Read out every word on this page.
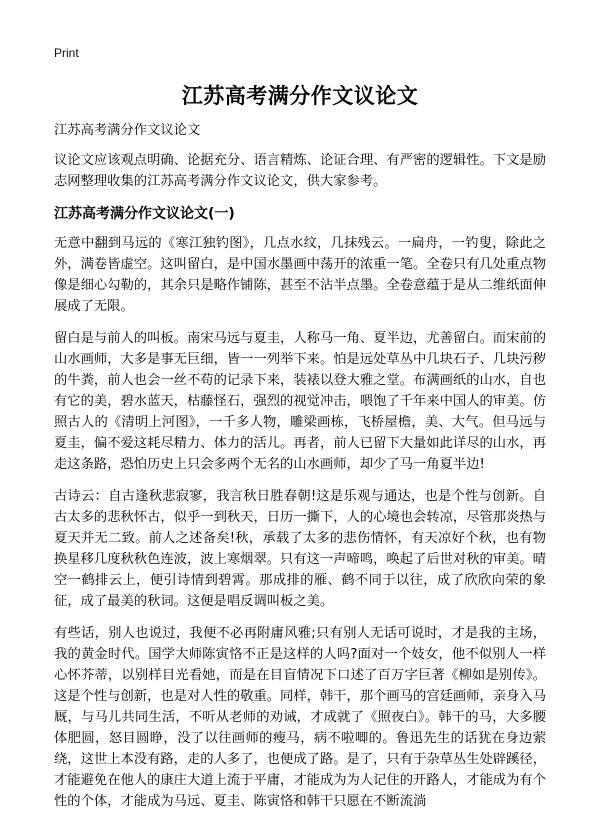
Print
江苏高考满分作文议论文

江苏高考满分作文议论文

议论文应该观点明确、论据充分、语言精炼、论证合理、有严密的逻辑性。下文是励志网整理收集的江苏高考满分作文议论文，供大家参考。

江苏高考满分作文议论文(一)

无意中翻到马远的《寒江独钓图》，几点水纹，几抹残云。一扁舟，一钓叟，除此之外，满卷皆虚空。这叫留白，是中国水墨画中荡开的浓重一笔。全卷只有几处重点物像是细心勾勒的，其余只是略作铺陈，甚至不沾半点墨。全卷意蕴于是从二维纸面伸展成了无限。

留白是与前人的叫板。南宋马远与夏圭，人称马一角、夏半边，尤善留白。而宋前的山水画师，大多是事无巨细，皆一一列举下来。怕是远处草丛中几块石子、几块污秽的牛粪，前人也会一丝不苟的记录下来，装裱以登大雅之堂。布满画纸的山水，自也有它的美，碧水蓝天，枯藤怪石，强烈的视觉冲击，喂饱了千年来中国人的审美。仿照古人的《清明上河图》，一千多人物，雕梁画栋，飞桥屋檐，美、大气。但马远与夏圭，偏不爱这耗尽精力、体力的活儿。再者，前人已留下大量如此详尽的山水，再走这条路，恐怕历史上只会多两个无名的山水画师，却少了马一角夏半边!

古诗云：自古逢秋悲寂寥，我言秋日胜春朝!这是乐观与通达，也是个性与创新。自古太多的悲秋怀古，似乎一到秋天，日历一撕下，人的心境也会转凉，尽管那炎热与夏天并无二致。前人之述备矣!秋，承载了太多的悲伤情怀，有天凉好个秋，也有物换星移几度秋秋色连波，波上寒烟翠。只有这一声啼鸣，唤起了后世对秋的审美。晴空一鹤排云上，便引诗情到碧霄。那成排的雁、鹤不同于以往，成了欣欣向荣的象征，成了最美的秋词。这便是唱反调叫板之美。

有些话，别人也说过，我便不必再附庸风雅;只有别人无话可说时，才是我的主场，我的黄金时代。国学大师陈寅恪不正是这样的人吗?面对一个妓女，他不似别人一样心怀芥蒂，以别样目光看她，而是在目盲情况下口述了百万字巨著《柳如是别传》。这是个性与创新，也是对人性的敬重。同样，韩干，那个画马的宫廷画师，亲身入马厩，与马儿共同生活，不听从老师的劝诫，才成就了《照夜白》。韩干的马，大多腰体肥圆，怒目圆睁，没了以往画师的瘦马，病不啦唧的。鲁迅先生的话犹在身边萦绕，这世上本没有路，走的人多了，也便成了路。是了，只有于杂草丛生处辟蹊径，才能避免在他人的康庄大道上流于平庸，才能成为为人记住的开路人，才能成为有个性的个体，才能成为马远、夏圭、陈寅恪和韩干只愿在不断流淌
